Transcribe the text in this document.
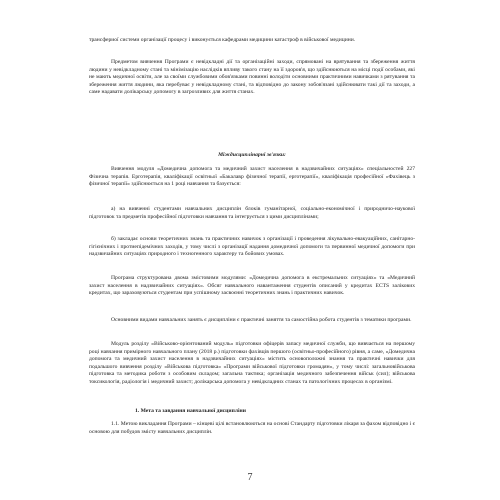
трансфериої системи організації процесу і виконується кафедрами медицини катастроф в військової медицини.

Предметом вивчення Програми є невідкладні дії та організаційні заходи, спрямовані на врятування та збереження життя людини у невідкладному стані та мінімізацію наслідків впливу такого стану на її здоров'я, що здійснюються на місці події особами, які не мають медичної освіти, але за своїми службовими обов'язками повинні володіти основними практичними навичками з рятування та збереження життя людини, яка перебуває у невідкладному стані, та відповідно до закону зобов'язані здійснювати такі дії та заходи, а саме надавати долікарську допомогу в загрозливих для життя станах.

Міждисциплінарні зв'язки:

Вивчення модуля «Домедична допомога та медичний захист населення в надзвичайних ситуаціях» спеціальностей 227 Фізична терапія. Ерготерапія, кваліфікації освітньої «Бакалавр фізичної терапії, ерготерапії», кваліфікація професійної «Фахівець з фізичної терапії» здійснюється на 1 році навчання та базується:

а) на вивченні студентами навчальних дисциплін блоків гуманітарної, соціально-економічної і природничо-наукової підготовок та предметів професійної підготовки навчання та інтегрується з цими дисциплінами;

б) закладає основи теоретичних знань та практичних навичок з організації і проведення лікувально-евакуаційних, санітарно-гігієнічних і протиепідемічних заходів, у тому числі з організації надання домедичної допомоги та первинної медичної допомоги при надзвичайних ситуаціях природного і техногенного характеру та бойових умовах.

Програма структурована двома змістовими модулями: «Домедична допомога в екстремальних ситуаціях» та «Медичний захист населення в надзвичайних ситуаціях». Обсяг навчального навантаження студентів описаний у кредитах ECTS залікових кредитах, що зараховуються студентам при успішному засвоєнні теоретичних знань і практичних навичок.

Основними видами навчальних занять є дисципліни є практичні заняття та самостійна робота студентів з тематики програми.

Модуль розділу «Військово-орієнтований модуль» підготовки офіцерів запасу медичної служби, що вивчається на першому році навчання примірного навчального плану (2018 р.) підготовки фахівців першого (освітньо-професійного) рівня, а саме, «Домедична допомога та медичний захист населення в надзвичайних ситуаціях» містить основоположні знання та практичні навички для подальшого вивчення розділу «Військова підготовка» «Програми військової підготовки громадян», у тому числі: загальновійськова підготовка та методика роботи з особовим складом; загальна тактика; організація медичного забезпечення військ (сил); військова токсикологія, радіологія і медичний захист; долікарська допомога у невідкладних станах та патологічних процесах в організмі.

1. Мета та завдання навчальної дисципліни

1.1. Метою викладання Програми – кінцеві цілі встановлюються на основі Стандарту підготовки лікаря за фахом відповідно і є основою для побудов змісту навчальних дисциплін.

7
